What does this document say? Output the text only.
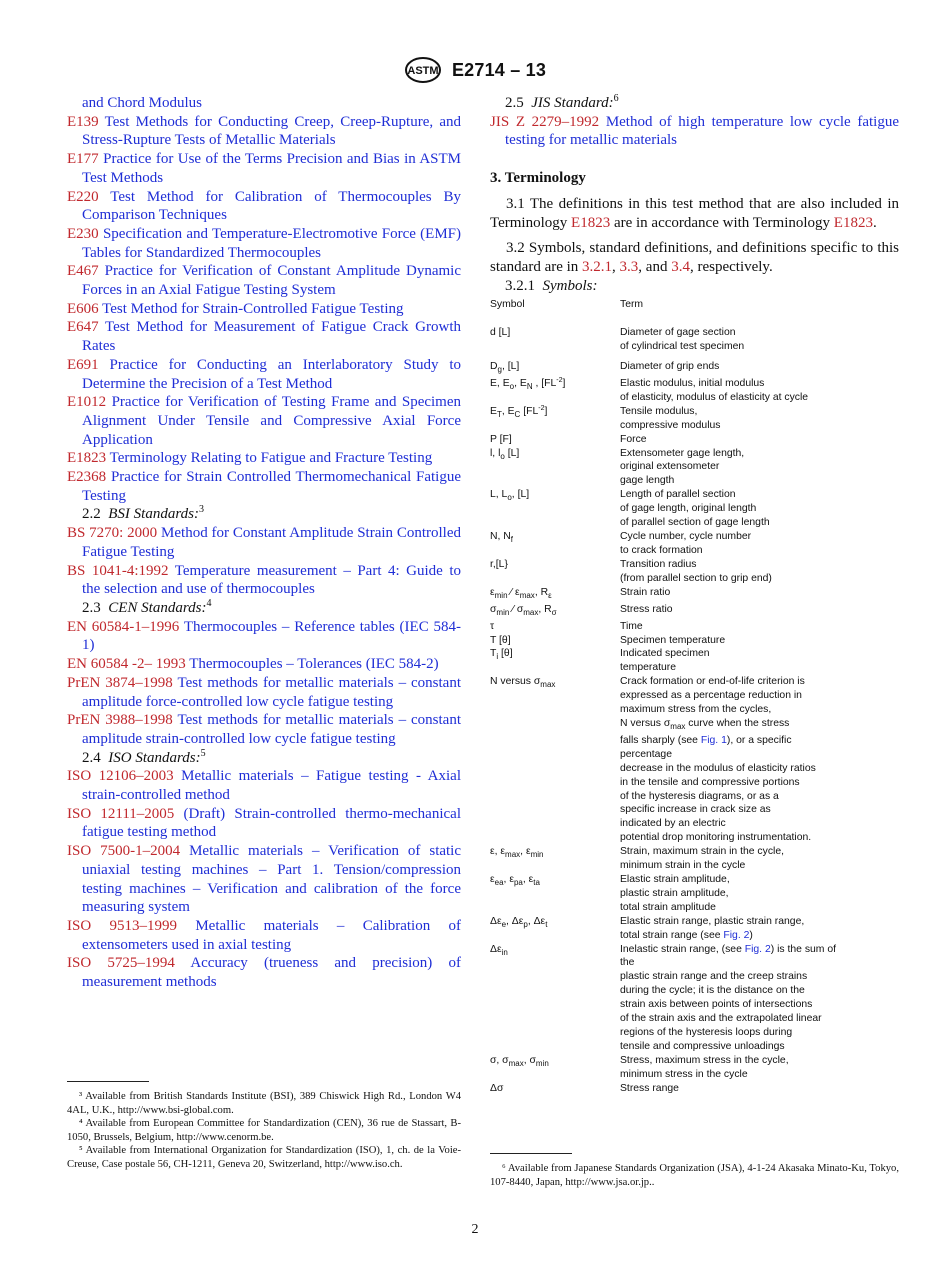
ASTM E2714 – 13
and Chord Modulus
E139 Test Methods for Conducting Creep, Creep-Rupture, and Stress-Rupture Tests of Metallic Materials
E177 Practice for Use of the Terms Precision and Bias in ASTM Test Methods
E220 Test Method for Calibration of Thermocouples By Comparison Techniques
E230 Specification and Temperature-Electromotive Force (EMF) Tables for Standardized Thermocouples
E467 Practice for Verification of Constant Amplitude Dynamic Forces in an Axial Fatigue Testing System
E606 Test Method for Strain-Controlled Fatigue Testing
E647 Test Method for Measurement of Fatigue Crack Growth Rates
E691 Practice for Conducting an Interlaboratory Study to Determine the Precision of a Test Method
E1012 Practice for Verification of Testing Frame and Specimen Alignment Under Tensile and Compressive Axial Force Application
E1823 Terminology Relating to Fatigue and Fracture Testing
E2368 Practice for Strain Controlled Thermomechanical Fatigue Testing
2.2 BSI Standards:$^3$
BS 7270: 2000 Method for Constant Amplitude Strain Controlled Fatigue Testing
BS 1041-4:1992 Temperature measurement – Part 4: Guide to the selection and use of thermocouples
2.3 CEN Standards:$^4$
EN 60584-1–1996 Thermocouples – Reference tables (IEC 584-1)
EN 60584 -2– 1993 Thermocouples – Tolerances (IEC 584-2)
PrEN 3874–1998 Test methods for metallic materials – constant amplitude force-controlled low cycle fatigue testing
PrEN 3988–1998 Test methods for metallic materials – constant amplitude strain-controlled low cycle fatigue testing
2.4 ISO Standards:$^5$
ISO 12106–2003 Metallic materials – Fatigue testing - Axial strain-controlled method
ISO 12111–2005 (Draft) Strain-controlled thermo-mechanical fatigue testing method
ISO 7500-1–2004 Metallic materials – Verification of static uniaxial testing machines – Part 1. Tension/compression testing machines – Verification and calibration of the force measuring system
ISO 9513–1999 Metallic materials – Calibration of extensometers used in axial testing
ISO 5725–1994 Accuracy (trueness and precision) of measurement methods
2.5 JIS Standard:$^6$
JIS Z 2279–1992 Method of high temperature low cycle fatigue testing for metallic materials
3. Terminology
3.1 The definitions in this test method that are also included in Terminology E1823 are in accordance with Terminology E1823.
3.2 Symbols, standard definitions, and definitions specific to this standard are in 3.2.1, 3.3, and 3.4, respectively.
3.2.1 Symbols:
Symbol	Term
d [L]	Diameter of gage section
of cylindrical test specimen
$D_g$, [L]	Diameter of grip ends
E, $E_o$, $E_N$ , $[FL^{-2}]$	Elastic modulus, initial modulus
of elasticity, modulus of elasticity at cycle
$E_T$, $E_C$ $[FL^{-2}]$	Tensile modulus,
compressive modulus
P [F]	Force
l, $l_o$ [L]	Extensometer gage length,
original extensometer
gage length
L, $L_o$, [L]	Length of parallel section
of gage length, original length
of parallel section of gage length
N, $N_f$	Cycle number, cycle number
to crack formation
r,[L}	Transition radius
(from parallel section to grip end)
$\varepsilon_{min}$ ⁄ $\varepsilon_{max}$, $R_\varepsilon$	Strain ratio
$\sigma_{min}$ ⁄ $\sigma_{max}$, $R_\sigma$	Stress ratio
τ	Time
T [θ]	Specimen temperature
$T_i$ [θ]	Indicated specimen
temperature
N versus $\sigma_{max}$	Crack formation or end-of-life criterion is
expressed as a percentage reduction in
maximum stress from the cycles,
N versus $\sigma_{max}$ curve when the stress
falls sharply (see Fig. 1), or a specific
percentage
decrease in the modulus of elasticity ratios
in the tensile and compressive portions
of the hysteresis diagrams, or as a
specific increase in crack size as
indicated by an electric
potential drop monitoring instrumentation.
ε, $\varepsilon_{max}$, $\varepsilon_{min}$	Strain, maximum strain in the cycle,
minimum strain in the cycle
$\varepsilon_{ea}$, $\varepsilon_{pa}$, $\varepsilon_{ta}$	Elastic strain amplitude,
plastic strain amplitude,
total strain amplitude
$\Delta\varepsilon_e$, $\Delta\varepsilon_p$, $\Delta\varepsilon_t$	Elastic strain range, plastic strain range,
total strain range (see Fig. 2)
$\Delta\varepsilon_{in}$	Inelastic strain range, (see Fig. 2) is the sum of
the
plastic strain range and the creep strains
during the cycle; it is the distance on the
strain axis between points of intersections
of the strain axis and the extrapolated linear
regions of the hysteresis loops during
tensile and compressive unloadings
σ, $\sigma_{max}$, $\sigma_{min}$	Stress, maximum stress in the cycle,
minimum stress in the cycle
Δσ	Stress range

³ Available from British Standards Institute (BSI), 389 Chiswick High Rd., London W4 4AL, U.K., http://www.bsi-global.com.

⁴ Available from European Committee for Standardization (CEN), 36 rue de Stassart, B-1050, Brussels, Belgium, http://www.cenorm.be.

⁵ Available from International Organization for Standardization (ISO), 1, ch. de la Voie-Creuse, Case postale 56, CH-1211, Geneva 20, Switzerland, http://www.iso.ch.	⁶ Available from Japanese Standards Organization (JSA), 4-1-24 Akasaka Minato-Ku, Tokyo, 107-8440, Japan, http://www.jsa.or.jp..

2
